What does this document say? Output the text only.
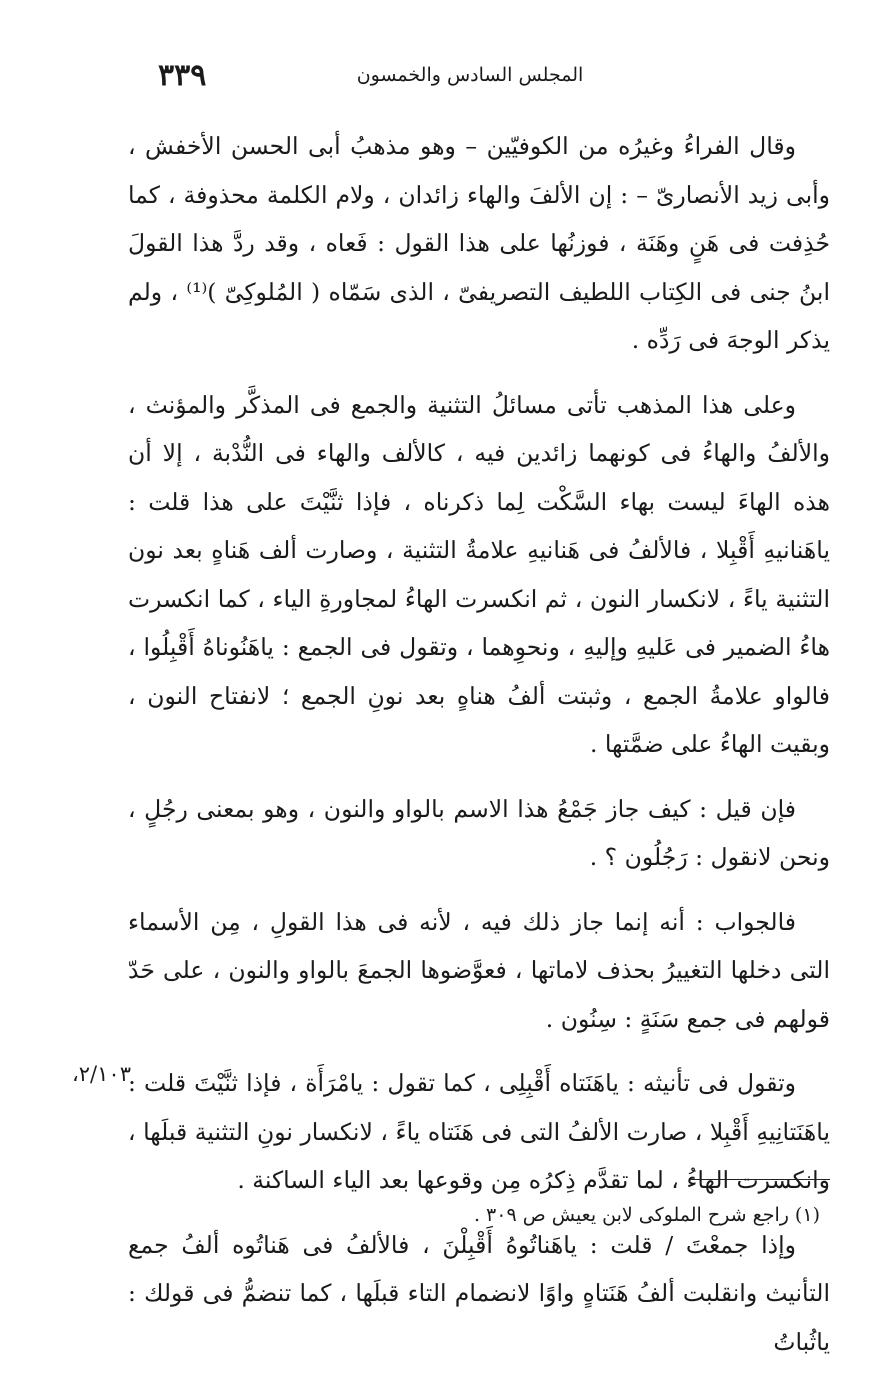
٣٣٩	المجلس السادس والخمسون

وقال الفراءُ وغيرُه من الكوفيّين – وهو مذهبُ أبى الحسن الأخفش ، وأبى زيد الأنصارىّ – : إن الألفَ والهاء زائدان ، ولام الكلمة محذوفة ، كما حُذِفت فى هَنٍ وهَنَة ، فوزنُها على هذا القول : فَعاه ، وقد ردَّ هذا القولَ ابنُ جنى فى الكِتاب اللطيف التصريفىّ ، الذى سَمّاه ( المُلوكِىّ )⁽¹⁾ ، ولم يذكر الوجهَ فى رَدِّه .

وعلى هذا المذهب تأتى مسائلُ التثنية والجمع فى المذكَّر والمؤنث ، والألفُ والهاءُ فى كونهما زائدين فيه ، كالألف والهاء فى النُّدْبة ، إلا أن هذه الهاءَ ليست بهاء السَّكْت لِما ذكرناه ، فإذا ثنَّيْتَ على هذا قلت : ياهَنانيهِ أَقْبِلا ، فالألفُ فى هَنانيهِ علامةُ التثنية ، وصارت ألف هَناهٍ بعد نون التثنية ياءً ، لانكسار النون ، ثم انكسرت الهاءُ لمجاورةِ الياء ، كما انكسرت هاءُ الضمير فى عَليهِ وإليهِ ، ونحوِهما ، وتقول فى الجمع : ياهَنُوناهُ أَقْبِلُوا ، فالواو علامةُ الجمع ، وثبتت ألفُ هناهٍ بعد نونِ الجمع ؛ لانفتاح النون ، وبقيت الهاءُ على ضمَّتها .

فإن قيل : كيف جاز جَمْعُ هذا الاسم بالواو والنون ، وهو بمعنى رجُلٍ ، ونحن لانقول : رَجُلُون ؟ .

فالجواب : أنه إنما جاز ذلك فيه ، لأنه فى هذا القولِ ، مِن الأسماء التى دخلها التغييرُ بحذف لاماتها ، فعوَّضوها الجمعَ بالواو والنون ، على حَدّ قولهم فى جمع سَنَةٍ : سِنُون .

وتقول فى تأنيثه : ياهَنَتاه أَقْبِلِى ، كما تقول : يامْرَأَة ، فإذا ثنَّيْتَ قلت : ياهَنَتانِيهِ أَقْبِلا ، صارت الألفُ التى فى هَنَتاه ياءً ، لانكسار نونِ التثنية قبلَها ، وانكسرت الهاءُ ، لما تقدَّم ذِكرُه مِن وقوعها بعد الياء الساكنة .

وإذا جمعْتَ / قلت : ياهَناتُوهُ أَقْبِلْنَ ، فالألفُ فى هَناتُوه ألفُ جمع التأنيث وانقلبت ألفُ هَنَتاهٍ واوًا لانضمام التاء قبلَها ، كما تنضمُّ فى قولك : ياثُباتُ

٢/١٠٣،
(١) راجع شرح الملوكى لابن يعيش ص ٣٠٩ .
